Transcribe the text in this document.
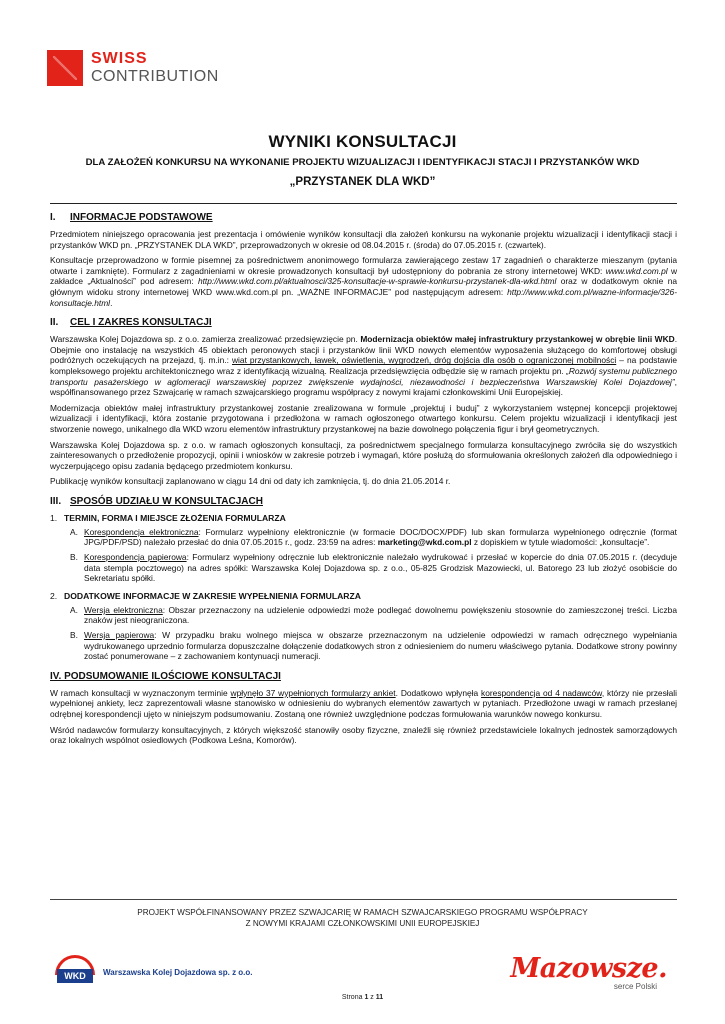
SWISS
CONTRIBUTION
WYNIKI KONSULTACJI
DLA ZAŁOŻEŃ KONKURSU NA WYKONANIE PROJEKTU WIZUALIZACJI I IDENTYFIKACJI STACJI I PRZYSTANKÓW WKD
„PRZYSTANEK DLA WKD”
I. INFORMACJE PODSTAWOWE

Przedmiotem niniejszego opracowania jest prezentacja i omówienie wyników konsultacji dla założeń konkursu na wykonanie projektu wizualizacji i identyfikacji stacji i przystanków WKD pn. „PRZYSTANEK DLA WKD”, przeprowadzonych w okresie od 08.04.2015 r. (środa) do 07.05.2015 r. (czwartek).

Konsultacje przeprowadzono w formie pisemnej za pośrednictwem anonimowego formularza zawierającego zestaw 17 zagadnień o charakterze mieszanym (pytania otwarte i zamknięte). Formularz z zagadnieniami w okresie prowadzonych konsultacji był udostępniony do pobrania ze strony internetowej WKD: www.wkd.com.pl w zakładce „Aktualności” pod adresem: http://www.wkd.com.pl/aktualnosci/325-konsultacje-w-sprawie-konkursu-przystanek-dla-wkd.html oraz w dodatkowym oknie na głównym widoku strony internetowej WKD www.wkd.com.pl pn. „WAŻNE INFORMACJE” pod następującym adresem: http://www.wkd.com.pl/wazne-informacje/326-konsultacje.html.

II. CEL I ZAKRES KONSULTACJI

Warszawska Kolej Dojazdowa sp. z o.o. zamierza zrealizować przedsięwzięcie pn. Modernizacja obiektów małej infrastruktury przystankowej w obrębie linii WKD. Obejmie ono instalację na wszystkich 45 obiektach peronowych stacji i przystanków linii WKD nowych elementów wyposażenia służącego do komfortowej obsługi podróżnych oczekujących na przejazd, tj. m.in.: wiat przystankowych, ławek, oświetlenia, wygrodzeń, dróg dojścia dla osób o ograniczonej mobilności – na podstawie kompleksowego projektu architektonicznego wraz z identyfikacją wizualną. Realizacja przedsięwzięcia odbędzie się w ramach projektu pn. „Rozwój systemu publicznego transportu pasażerskiego w aglomeracji warszawskiej poprzez zwiększenie wydajności, niezawodności i bezpieczeństwa Warszawskiej Kolei Dojazdowej”, współfinansowanego przez Szwajcarię w ramach szwajcarskiego programu współpracy z nowymi krajami członkowskimi Unii Europejskiej.

Modernizacja obiektów małej infrastruktury przystankowej zostanie zrealizowana w formule „projektuj i buduj” z wykorzystaniem wstępnej koncepcji projektowej wizualizacji i identyfikacji, która zostanie przygotowana i przedłożona w ramach ogłoszonego otwartego konkursu. Celem projektu wizualizacji i identyfikacji jest stworzenie nowego, unikalnego dla WKD wzoru elementów infrastruktury przystankowej na bazie dowolnego połączenia figur i brył geometrycznych.

Warszawska Kolej Dojazdowa sp. z o.o. w ramach ogłoszonych konsultacji, za pośrednictwem specjalnego formularza konsultacyjnego zwróciła się do wszystkich zainteresowanych o przedłożenie propozycji, opinii i wniosków w zakresie potrzeb i wymagań, które posłużą do sformułowania określonych założeń dla odpowiedniego i wyczerpującego opisu zadania będącego przedmiotem konkursu.

Publikację wyników konsultacji zaplanowano w ciągu 14 dni od daty ich zamknięcia, tj. do dnia 21.05.2014 r.

III. SPOSÓB UDZIAŁU W KONSULTACJACH
1. TERMIN, FORMA I MIEJSCE ZŁOŻENIA FORMULARZA
A. Korespondencja elektroniczna: Formularz wypełniony elektronicznie (w formacie DOC/DOCX/PDF) lub skan formularza wypełnionego odręcznie (format JPG/PDF/PSD) należało przesłać do dnia 07.05.2015 r., godz. 23:59 na adres: marketing@wkd.com.pl z dopiskiem w tytule wiadomości: „konsultacje”.

B. Korespondencja papierowa: Formularz wypełniony odręcznie lub elektronicznie należało wydrukować i przesłać w kopercie do dnia 07.05.2015 r. (decyduje data stempla pocztowego) na adres spółki: Warszawska Kolej Dojazdowa sp. z o.o., 05-825 Grodzisk Mazowiecki, ul. Batorego 23 lub złożyć osobiście do Sekretariatu spółki.

2. DODATKOWE INFORMACJE W ZAKRESIE WYPEŁNIENIA FORMULARZA
A. Wersja elektroniczna: Obszar przeznaczony na udzielenie odpowiedzi może podlegać dowolnemu powiększeniu stosownie do zamieszczonej treści. Liczba znaków jest nieograniczona.

B. Wersja papierowa: W przypadku braku wolnego miejsca w obszarze przeznaczonym na udzielenie odpowiedzi w ramach odręcznego wypełniania wydrukowanego uprzednio formularza dopuszczalne dołączenie dodatkowych stron z odniesieniem do numeru właściwego pytania. Dodatkowe strony powinny zostać ponumerowane – z zachowaniem kontynuacji numeracji.

IV. PODSUMOWANIE ILOŚCIOWE KONSULTACJI

W ramach konsultacji w wyznaczonym terminie wpłynęło 37 wypełnionych formularzy ankiet. Dodatkowo wpłynęła korespondencja od 4 nadawców, którzy nie przesłali wypełnionej ankiety, lecz zaprezentowali własne stanowisko w odniesieniu do wybranych elementów zawartych w pytaniach. Przedłożone uwagi w ramach przesłanej odrębnej korespondencji ujęto w niniejszym podsumowaniu. Zostaną one również uwzględnione podczas formułowania warunków nowego konkursu.

Wśród nadawców formularzy konsultacyjnych, z których większość stanowiły osoby fizyczne, znaleźli się również przedstawiciele lokalnych jednostek samorządowych oraz lokalnych wspólnot osiedlowych (Podkowa Leśna, Komorów).

PROJEKT WSPÓŁFINANSOWANY PRZEZ SZWAJCARIĘ W RAMACH SZWAJCARSKIEGO PROGRAMU WSPÓŁPRACY
Z NOWYMI KRAJAMI CZŁONKOWSKIMI UNII EUROPEJSKIEJ
WKD	Warszawska Kolej Dojazdowa sp. z o.o.	Mazowsze.
serce Polski
Strona 1 z 11
